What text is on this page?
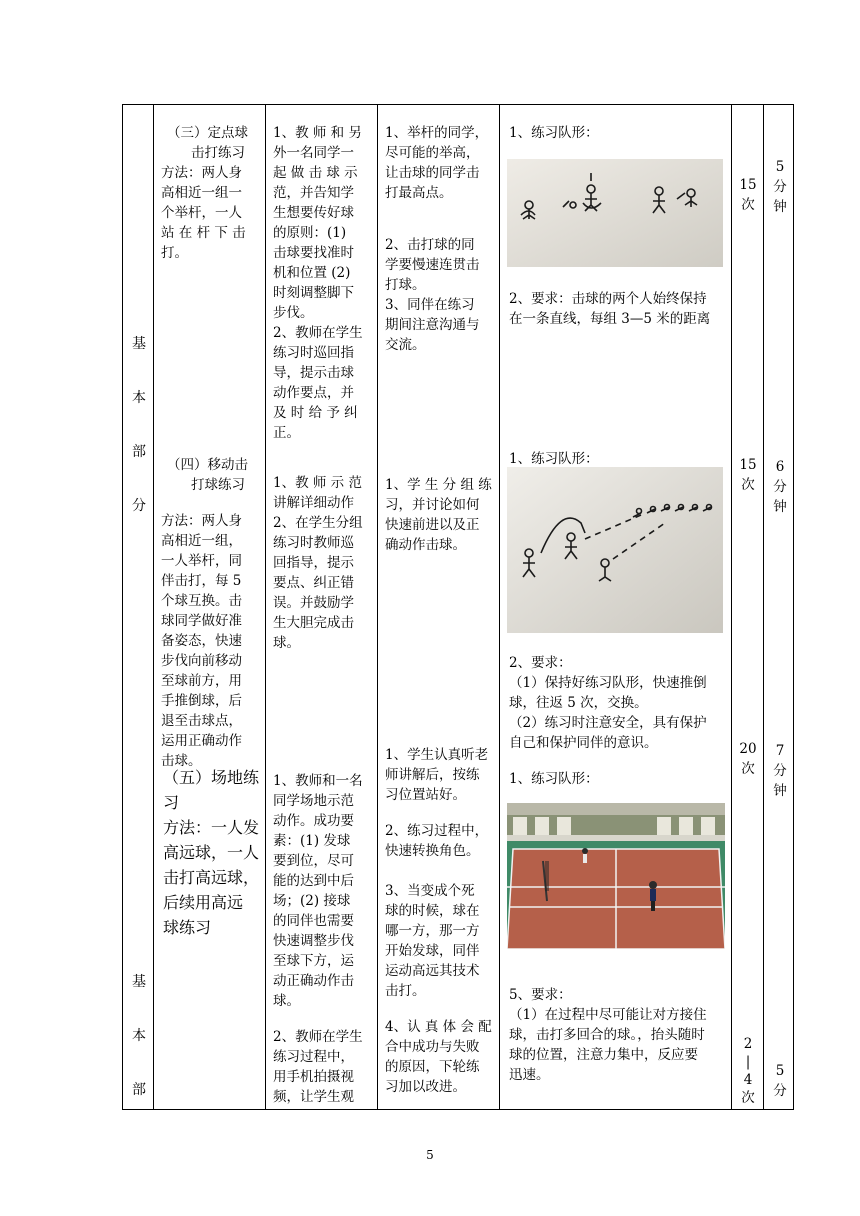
基
本
部
分
基
本
部
（三）定点球
击打练习
方法：两人身
高相近一组一
个举杆，一人
站 在 杆 下 击
打。
1、教 师 和 另
外一名同学一
起 做 击 球 示
范，并告知学
生想要传好球
的原则：(1)
击球要找准时
机和位置 (2)
时刻调整脚下
步伐。
2、教师在学生
练习时巡回指
导，提示击球
动作要点，并
及 时 给 予 纠
正。
1、举杆的同学，
尽可能的举高，
让击球的同学击
打最高点。
2、击打球的同
学要慢速连贯击
打球。
3、同伴在练习
期间注意沟通与
交流。
1、练习队形：
2、要求：击球的两个人始终保持
在一条直线，每组 3—5 米的距离
15
次
5
分
钟
（四）移动击
打球练习
方法：两人身
高相近一组，
一人举杆，同
伴击打，每 5
个球互换。击
球同学做好准
备姿态，快速
步伐向前移动
至球前方，用
手推倒球，后
退至击球点，
运用正确动作
击球。
1、教 师 示 范
讲解详细动作
2、在学生分组
练习时教师巡
回指导，提示
要点、纠正错
误。并鼓励学
生大胆完成击
球。
1、学 生 分 组 练
习，并讨论如何
快速前进以及正
确动作击球。
1、练习队形：
2、要求：
（1）保持好练习队形，快速推倒
球，往返 5 次，交换。
（2）练习时注意安全，具有保护
自己和保护同伴的意识。
15
次
6
分
钟
（五）场地练
习
方法：一人发
高远球，一人
击打高远球，
后续用高远
球练习
1、教师和一名
同学场地示范
动作。成功要
素：(1) 发球
要到位，尽可
能的达到中后
场；(2) 接球
的同伴也需要
快速调整步伐
至球下方，运
动正确动作击
球。
2、教师在学生
练习过程中，
用手机拍摄视
频，让学生观
1、学生认真听老
师讲解后，按练
习位置站好。
2、练习过程中，
快速转换角色。
3、当变成个死
球的时候，球在
哪一方，那一方
开始发球，同伴
运动高远其技术
击打。
4、认 真 体 会 配
合中成功与失败
的原因，下轮练
习加以改进。
1、练习队形：
5、要求：
（1）在过程中尽可能让对方接住
球，击打多回合的球。，抬头随时
球的位置，注意力集中，反应要
迅速。
20
次
7
分
钟
2
|
4
次
5
分
5
